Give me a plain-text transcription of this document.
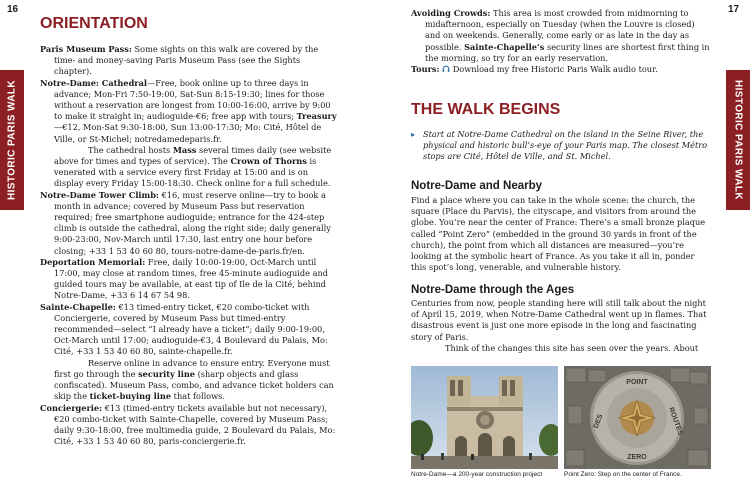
16	17
HISTORIC PARIS WALK	HISTORIC PARIS WALK
ORIENTATION

Paris Museum Pass: Some sights on this walk are covered by the time- and money-saving Paris Museum Pass (see the Sights chapter).

Notre-Dame: Cathedral—Free, book online up to three days in advance; Mon-Fri 7:50-19:00, Sat-Sun 8:15-19:30; lines for those without a reservation are longest from 10:00-16:00, arrive by 9:00 to make it straight in; audioguide-€6; free app with tours; Treasury—€12, Mon-Sat 9:30-18:00, Sun 13:00-17:30; Mo: Cité, Hôtel de Ville, or St-Michel; notredamedeparis.fr.

The cathedral hosts Mass several times daily (see website above for times and types of service). The Crown of Thorns is venerated with a service every first Friday at 15:00 and is on display every Friday 15:00-18:30. Check online for a full schedule.

Notre-Dame Tower Climb: €16, must reserve online—try to book a month in advance; covered by Museum Pass but reservation required; free smartphone audioguide; entrance for the 424-step climb is outside the cathedral, along the right side; daily generally 9:00-23:00, Nov-March until 17:30, last entry one hour before closing; +33 1 53 40 60 80, tours-notre-dame-de-paris.fr/en.

Deportation Memorial: Free, daily 10:00-19:00, Oct-March until 17:00, may close at random times, free 45-minute audioguide and guided tours may be available, at east tip of Ile de la Cité, behind Notre-Dame, +33 6 14 67 54 98.

Sainte-Chapelle: €13 timed-entry ticket, €20 combo-ticket with Conciergerie, covered by Museum Pass but timed-entry recommended—select “I already have a ticket”; daily 9:00-19:00, Oct-March until 17:00; audioguide-€3, 4 Boulevard du Palais, Mo: Cité, +33 1 53 40 60 80, sainte-chapelle.fr.

Reserve online in advance to ensure entry. Everyone must first go through the security line (sharp objects and glass confiscated). Museum Pass, combo, and advance ticket holders can skip the ticket-buying line that follows.

Conciergerie: €13 (timed-entry tickets available but not necessary), €20 combo-ticket with Sainte-Chapelle, covered by Museum Pass; daily 9:30-18:00, free multimedia guide, 2 Boulevard du Palais, Mo: Cité, +33 1 53 40 60 80, paris-conciergerie.fr.

Avoiding Crowds: This area is most crowded from midmorning to midafternoon, especially on Tuesday (when the Louvre is closed) and on weekends. Generally, come early or as late in the day as possible. Sainte-Chapelle’s security lines are shortest first thing in the morning, so try for an early reservation.

Tours: Download my free Historic Paris Walk audio tour.

THE WALK BEGINS

▸ Start at Notre-Dame Cathedral on the island in the Seine River, the physical and historic bull’s-eye of your Paris map. The closest Métro stops are Cité, Hôtel de Ville, and St. Michel.

Notre-Dame and Nearby

Find a place where you can take in the whole scene: the church, the square (Place du Parvis), the cityscape, and visitors from around the globe. You’re near the center of France: There’s a small bronze plaque called “Point Zero” (embedded in the ground 30 yards in front of the church), the point from which all distances are measured—you’re looking at the symbolic heart of France. As you take it all in, ponder this spot’s long, venerable, and vulnerable history.

Notre-Dame through the Ages

Centuries from now, people standing here will still talk about the night of April 15, 2019, when Notre-Dame Cathedral went up in flames. That disastrous event is just one more episode in the long and fascinating story of Paris.

Think of the changes this site has seen over the years. About

Notre-Dame—a 200-year construction project
POINT
ZERO
DES	ROUTES
Point Zero: Step on the center of France.
